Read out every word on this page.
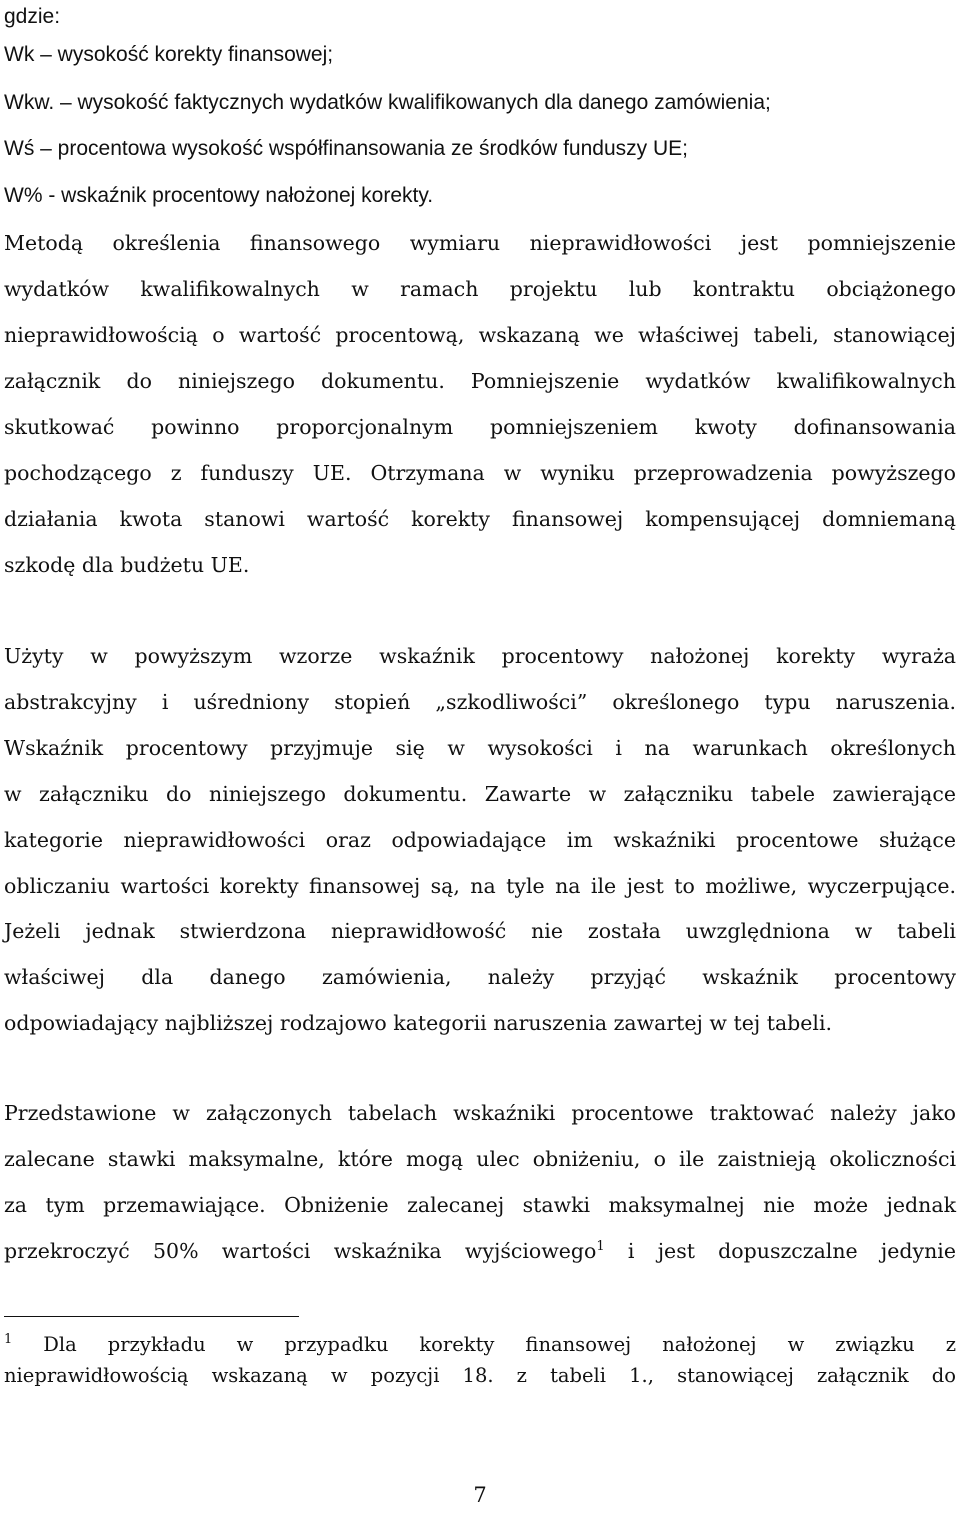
gdzie:
Wk – wysokość korekty finansowej;
Wkw. – wysokość faktycznych wydatków kwalifikowanych dla danego zamówienia;
Wś – procentowa wysokość współfinansowania ze środków funduszy UE;
W% - wskaźnik procentowy nałożonej korekty.
Metodą określenia finansowego wymiaru nieprawidłowości jest pomniejszenie
wydatków kwalifikowalnych w ramach projektu lub kontraktu obciążonego
nieprawidłowością o wartość procentową, wskazaną we właściwej tabeli, stanowiącej
załącznik do niniejszego dokumentu. Pomniejszenie wydatków kwalifikowalnych
skutkować powinno proporcjonalnym pomniejszeniem kwoty dofinansowania
pochodzącego z funduszy UE. Otrzymana w wyniku przeprowadzenia powyższego
działania kwota stanowi wartość korekty finansowej kompensującej domniemaną
szkodę dla budżetu UE.
Użyty w powyższym wzorze wskaźnik procentowy nałożonej korekty wyraża
abstrakcyjny i uśredniony stopień „szkodliwości” określonego typu naruszenia.
Wskaźnik procentowy przyjmuje się w wysokości i na warunkach określonych
w załączniku do niniejszego dokumentu. Zawarte w załączniku tabele zawierające
kategorie nieprawidłowości oraz odpowiadające im wskaźniki procentowe służące
obliczaniu wartości korekty finansowej są, na tyle na ile jest to możliwe, wyczerpujące.
Jeżeli jednak stwierdzona nieprawidłowość nie została uwzględniona w tabeli
właściwej dla danego zamówienia, należy przyjąć wskaźnik procentowy
odpowiadający najbliższej rodzajowo kategorii naruszenia zawartej w tej tabeli.
Przedstawione w załączonych tabelach wskaźniki procentowe traktować należy jako
zalecane stawki maksymalne, które mogą ulec obniżeniu, o ile zaistnieją okoliczności
za tym przemawiające. Obniżenie zalecanej stawki maksymalnej nie może jednak
przekroczyć 50% wartości wskaźnika wyjściowego$^1$ i jest dopuszczalne jedynie
$^1$ Dla przykładu w przypadku korekty finansowej nałożonej w związku z
nieprawidłowością wskazaną w pozycji 18. z tabeli 1., stanowiącej załącznik do
7
